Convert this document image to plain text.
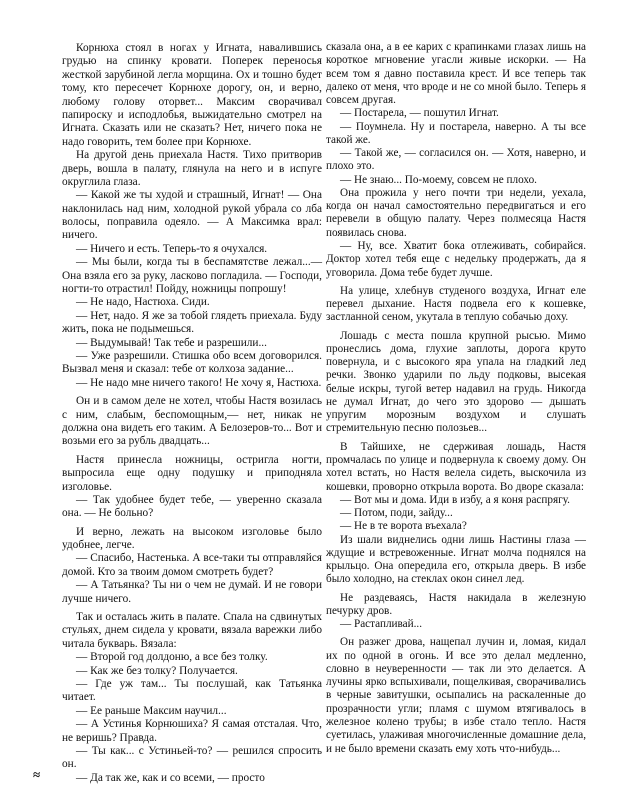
Корнюха стоял в ногах у Игната, навалившись грудью на спинку кровати. Поперек переносья жесткой зарубиной легла морщина. Ох и тошно будет тому, кто пересечет Корнюхе дорогу, он, и верно, любому голову оторвет... Максим сворачивал папироску и исподлобья, выжидательно смотрел на Игната. Сказать или не сказать? Нет, ничего пока не надо говорить, тем более при Корнюхе.

На другой день приехала Настя. Тихо притворив дверь, вошла в палату, глянула на него и в испуге округлила глаза.

— Какой же ты худой и страшный, Игнат! — Она наклонилась над ним, холодной рукой убрала со лба волосы, поправила одеяло. — А Максимка врал: ничего.

— Ничего и есть. Теперь-то я очухался.

— Мы были, когда ты в беспамятстве лежал...— Она взяла его за руку, ласково погладила. — Господи, ногти-то отрастил! Пойду, ножницы попрошу!

— Не надо, Настюха. Сиди.

— Нет, надо. Я же за тобой глядеть приехала. Буду жить, пока не подымешься.

— Выдумывай! Так тебе и разрешили...

— Уже разрешили. Стишка обо всем договорился. Вызвал меня и сказал: тебе от колхоза задание...

— Не надо мне ничего такого! Не хочу я, Настюха.

Он и в самом деле не хотел, чтобы Настя возилась с ним, слабым, беспомощным,— нет, никак не должна она видеть его таким. А Белозеров-то... Вот и возьми его за рубль двадцать...

Настя принесла ножницы, остригла ногти, выпросила еще одну подушку и приподняла изголовье.

— Так удобнее будет тебе, — уверенно сказала она. — Не больно?

И верно, лежать на высоком изголовье было удобнее, легче.

— Спасибо, Настенька. А все-таки ты отправляйся домой. Кто за твоим домом смотреть будет?

— А Татьянка? Ты ни о чем не думай. И не говори лучше ничего.

Так и осталась жить в палате. Спала на сдвинутых стульях, днем сидела у кровати, вязала варежки либо читала букварь. Вязала:

— Второй год долдоню, а все без толку.

— Как же без толку? Получается.

— Где уж там... Ты послушай, как Татьянка читает.

— Ее раньше Максим научил...

— А Устинья Корнюшиха? Я самая отсталая. Что, не веришь? Правда.

— Ты как... с Устиньей-то? — решился спросить он.

— Да так же, как и со всеми, — просто

сказала она, а в ее карих с крапинками глазах лишь на короткое мгновение угасли живые искорки. — На всем том я давно поставила крест. И все теперь так далеко от меня, что вроде и не со мной было. Теперь я совсем другая.

— Постарела, — пошутил Игнат.

— Поумнела. Ну и постарела, наверно. А ты все такой же.

— Такой же, — согласился он. — Хотя, наверно, и плохо это.

— Не знаю... По-моему, совсем не плохо.

Она прожила у него почти три недели, уехала, когда он начал самостоятельно передвигаться и его перевели в общую палату. Через полмесяца Настя появилась снова.

— Ну, все. Хватит бока отлеживать, собирайся. Доктор хотел тебя еще с недельку продержать, да я уговорила. Дома тебе будет лучше.

На улице, хлебнув студеного воздуха, Игнат еле перевел дыхание. Настя подвела его к кошевке, застланной сеном, укутала в теплую собачью доху.

Лошадь с места пошла крупной рысью. Мимо пронеслись дома, глухие заплоты, дорога круто повернула, и с высокого яра упала на гладкий лед речки. Звонко ударили по льду подковы, высекая белые искры, тугой ветер надавил на грудь. Никогда не думал Игнат, до чего это здорово — дышать упругим морозным воздухом и слушать стремительную песню полозьев...

В Тайшихе, не сдерживая лошадь, Настя промчалась по улице и подвернула к своему дому. Он хотел встать, но Настя велела сидеть, выскочила из кошевки, проворно открыла ворота. Во дворе сказала:

— Вот мы и дома. Иди в избу, а я коня распрягу.

— Потом, поди, зайду...

— Не в те ворота въехала?

Из шали виднелись одни лишь Настины глаза — ждущие и встревоженные. Игнат молча поднялся на крыльцо. Она опередила его, открыла дверь. В избе было холодно, на стеклах окон синел лед.

Не раздеваясь, Настя накидала в железную печурку дров.

— Растапливай...

Он разжег дрова, нащепал лучин и, ломая, кидал их по одной в огонь. И все это делал медленно, словно в неуверенности — так ли это делается. А лучины ярко вспыхивали, пощелкивая, сворачивались в черные завитушки, осыпались на раскаленные до прозрачности угли; пламя с шумом втягивалось в железное колено трубы; в избе стало тепло. Настя суетилась, улаживая многочисленные домашние дела, и не было времени сказать ему хоть что-нибудь...

≈
